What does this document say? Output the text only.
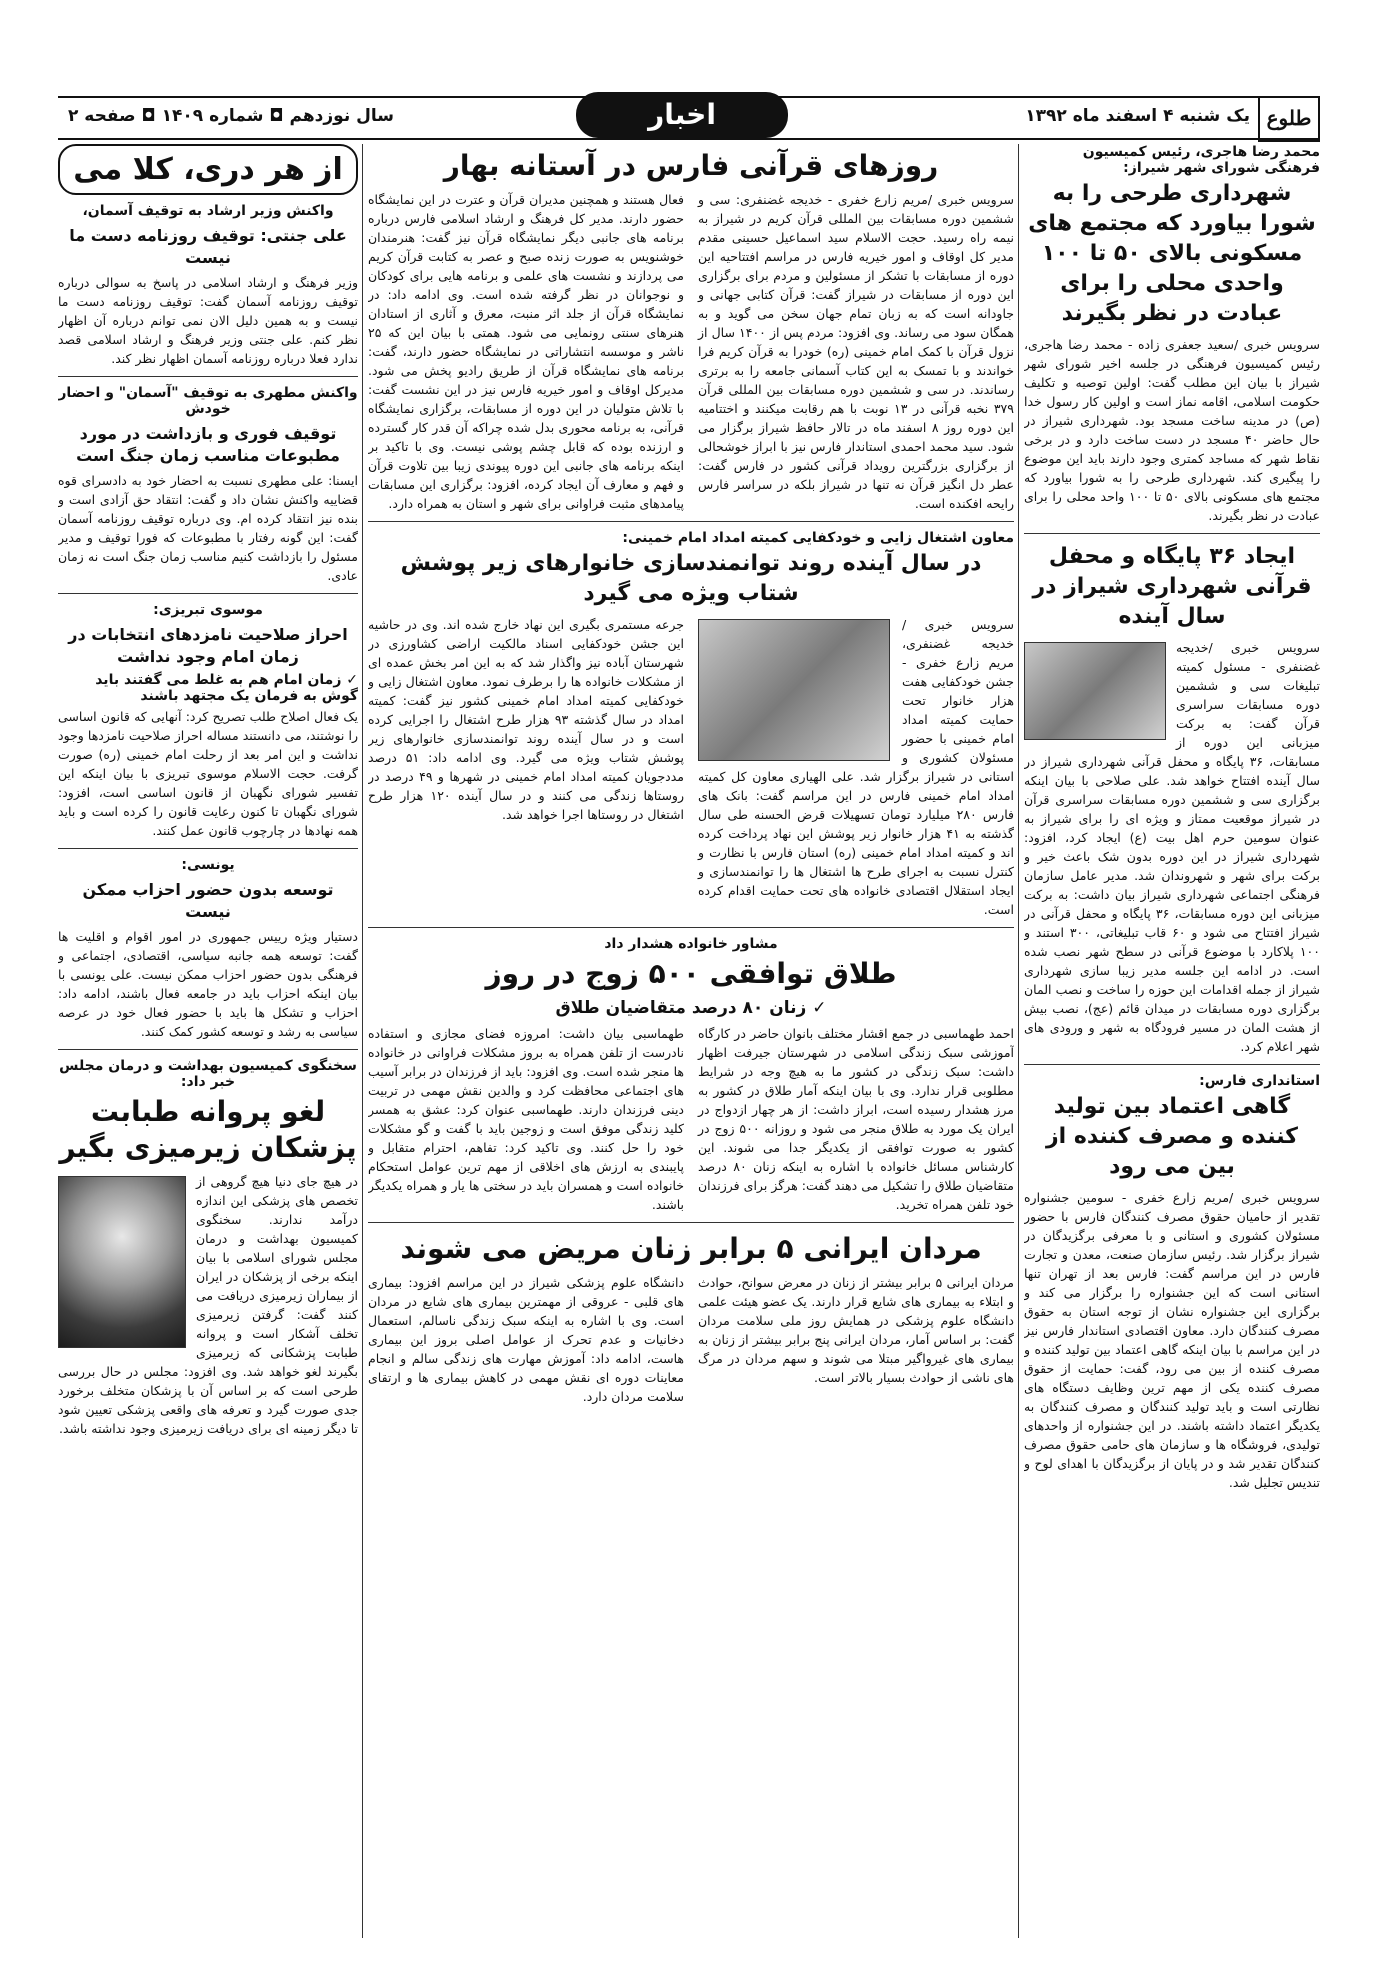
طلوع
یک شنبه ۴ اسفند ماه ۱۳۹۲
سال نوزدهم ◘ شماره ۱۴۰۹ ◘ صفحه ۲	اخبار
محمد رضا هاجری، رئیس کمیسیون فرهنگی شورای شهر شیراز:
شهرداری طرحی را به شورا بیاورد که مجتمع های مسکونی بالای ۵۰ تا ۱۰۰ واحدی محلی را برای عبادت در نظر بگیرند
سرویس خبری /سعید جعفری زاده - محمد رضا هاجری، رئیس کمیسیون فرهنگی در جلسه اخیر شورای شهر شیراز با بیان این مطلب گفت: اولین توصیه و تکلیف حکومت اسلامی، اقامه نماز است و اولین کار رسول خدا (ص) در مدینه ساخت مسجد بود. شهرداری شیراز در حال حاضر ۴۰ مسجد در دست ساخت دارد و در برخی نقاط شهر که مساجد کمتری وجود دارند باید این موضوع را پیگیری کند. شهرداری طرحی را به شورا بیاورد که مجتمع های مسکونی بالای ۵۰ تا ۱۰۰ واحد محلی را برای عبادت در نظر بگیرند.
ایجاد ۳۶ پایگاه و محفل قرآنی شهرداری شیراز در سال آینده
سرویس خبری /خدیجه غضنفری - مسئول کمیته تبلیغات سی و ششمین دوره مسابقات سراسری قرآن گفت: به برکت میزبانی این دوره از مسابقات، ۳۶ پایگاه و محفل قرآنی شهرداری شیراز در سال آینده افتتاح خواهد شد. علی صلاحی با بیان اینکه برگزاری سی و ششمین دوره مسابقات سراسری قرآن در شیراز موقعیت ممتاز و ویژه ای را برای شیراز به عنوان سومین حرم اهل بیت (ع) ایجاد کرد، افزود: شهرداری شیراز در این دوره بدون شک باعث خیر و برکت برای شهر و شهروندان شد. مدیر عامل سازمان فرهنگی اجتماعی شهرداری شیراز بیان داشت: به برکت میزبانی این دوره مسابقات، ۳۶ پایگاه و محفل قرآنی در شیراز افتتاح می شود و ۶۰ قاب تبلیغاتی، ۳۰۰ استند و ۱۰۰ پلاکارد با موضوع قرآنی در سطح شهر نصب شده است. در ادامه این جلسه مدیر زیبا سازی شهرداری شیراز از جمله اقدامات این حوزه را ساخت و نصب المان برگزاری دوره مسابقات در میدان قائم (عج)، نصب بیش از هشت المان در مسیر فرودگاه به شهر و ورودی های شهر اعلام کرد.
استانداری فارس:
گاهی اعتماد بین تولید کننده و مصرف کننده از بین می رود
سرویس خبری /مریم زارع خفری - سومین جشنواره تقدیر از حامیان حقوق مصرف کنندگان فارس با حضور مسئولان کشوری و استانی و با معرفی برگزیدگان در شیراز برگزار شد. رئیس سازمان صنعت، معدن و تجارت فارس در این مراسم گفت: فارس بعد از تهران تنها استانی است که این جشنواره را برگزار می کند و برگزاری این جشنواره نشان از توجه استان به حقوق مصرف کنندگان دارد. معاون اقتصادی استاندار فارس نیز در این مراسم با بیان اینکه گاهی اعتماد بین تولید کننده و مصرف کننده از بین می رود، گفت: حمایت از حقوق مصرف کننده یکی از مهم ترین وظایف دستگاه های نظارتی است و باید تولید کنندگان و مصرف کنندگان به یکدیگر اعتماد داشته باشند. در این جشنواره از واحدهای تولیدی، فروشگاه ها و سازمان های حامی حقوق مصرف کنندگان تقدیر شد و در پایان از برگزیدگان با اهدای لوح و تندیس تجلیل شد.
روزهای قرآنی فارس در آستانه بهار
سرویس خبری /مریم زارع خفری - خدیجه غضنفری: سی و ششمین دوره مسابقات بین المللی قرآن کریم در شیراز به نیمه راه رسید. حجت الاسلام سید اسماعیل حسینی مقدم مدیر کل اوقاف و امور خیریه فارس در مراسم افتتاحیه این دوره از مسابقات با تشکر از مسئولین و مردم برای برگزاری این دوره از مسابقات در شیراز گفت: قرآن کتابی جهانی و جاودانه است که به زبان تمام جهان سخن می گوید و به همگان سود می رساند. وی افزود: مردم پس از ۱۴۰۰ سال از نزول قرآن با کمک امام خمینی (ره) خودرا به قرآن کریم فرا خواندند و با تمسک به این کتاب آسمانی جامعه را به برتری رساندند. در سی و ششمین دوره مسابقات بین المللی قرآن ۳۷۹ نخبه قرآنی در ۱۳ نوبت با هم رقابت میکنند و اختتامیه این دوره روز ۸ اسفند ماه در تالار حافظ شیراز برگزار می شود. سید محمد احمدی استاندار فارس نیز با ابراز خوشحالی از برگزاری بزرگترین رویداد قرآنی کشور در فارس گفت: عطر دل انگیز قرآن نه تنها در شیراز بلکه در سراسر فارس رایحه افکنده است.
فعال هستند و همچنین مدیران قرآن و عترت در این نمایشگاه حضور دارند. مدیر کل فرهنگ و ارشاد اسلامی فارس درباره برنامه های جانبی دیگر نمایشگاه قرآن نیز گفت: هنرمندان خوشنویس به صورت زنده صبح و عصر به کتابت قرآن کریم می پردازند و نشست های علمی و برنامه هایی برای کودکان و نوجوانان در نظر گرفته شده است. وی ادامه داد: در نمایشگاه قرآن از جلد اثر منبت، معرق و آثاری از استادان هنرهای سنتی رونمایی می شود. همتی با بیان این که ۲۵ ناشر و موسسه انتشاراتی در نمایشگاه حضور دارند، گفت: برنامه های نمایشگاه قرآن از طریق رادیو پخش می شود. مدیرکل اوقاف و امور خیریه فارس نیز در این نشست گفت: با تلاش متولیان در این دوره از مسابقات، برگزاری نمایشگاه قرآنی، به برنامه محوری بدل شده چراکه آن قدر کار گسترده و ارزنده بوده که قابل چشم پوشی نیست. وی با تاکید بر اینکه برنامه های جانبی این دوره پیوندی زیبا بین تلاوت قرآن و فهم و معارف آن ایجاد کرده، افزود: برگزاری این مسابقات پیامدهای مثبت فراوانی برای شهر و استان به همراه دارد.
معاون اشتغال زایی و خودکفایی کمیته امداد امام خمینی:
در سال آینده روند توانمندسازی خانوارهای زیر پوشش شتاب ویژه می گیرد
سرویس خبری /خدیجه غضنفری، مریم زارع خفری - جشن خودکفایی هفت هزار خانوار تحت حمایت کمیته امداد امام خمینی با حضور مسئولان کشوری و استانی در شیراز برگزار شد. علی الهیاری معاون کل کمیته امداد امام خمینی فارس در این مراسم گفت: بانک های فارس ۲۸۰ میلیارد تومان تسهیلات قرض الحسنه طی سال گذشته به ۴۱ هزار خانوار زیر پوشش این نهاد پرداخت کرده اند و کمیته امداد امام خمینی (ره) استان فارس با نظارت و کنترل نسبت به اجرای طرح ها اشتغال ها را توانمندسازی و ایجاد استقلال اقتصادی خانواده های تحت حمایت اقدام کرده است.
جرعه مستمری بگیری این نهاد خارج شده اند. وی در حاشیه این جشن خودکفایی اسناد مالکیت اراضی کشاورزی در شهرستان آباده نیز واگذار شد که به این امر بخش عمده ای از مشکلات خانواده ها را برطرف نمود. معاون اشتغال زایی و خودکفایی کمیته امداد امام خمینی کشور نیز گفت: کمیته امداد در سال گذشته ۹۳ هزار طرح اشتغال را اجرایی کرده است و در سال آینده روند توانمندسازی خانوارهای زیر پوشش شتاب ویژه می گیرد. وی ادامه داد: ۵۱ درصد مددجویان کمیته امداد امام خمینی در شهرها و ۴۹ درصد در روستاها زندگی می کنند و در سال آینده ۱۲۰ هزار طرح اشتغال در روستاها اجرا خواهد شد.
مشاور خانواده هشدار داد
طلاق توافقی ۵۰۰ زوج در روز
✓ زنان ۸۰ درصد متقاضیان طلاق
احمد طهماسبی در جمع اقشار مختلف بانوان حاضر در کارگاه آموزشی سبک زندگی اسلامی در شهرستان جیرفت اظهار داشت: سبک زندگی در کشور ما به هیچ وجه در شرایط مطلوبی قرار ندارد. وی با بیان اینکه آمار طلاق در کشور به مرز هشدار رسیده است، ابراز داشت: از هر چهار ازدواج در ایران یک مورد به طلاق منجر می شود و روزانه ۵۰۰ زوج در کشور به صورت توافقی از یکدیگر جدا می شوند. این کارشناس مسائل خانواده با اشاره به اینکه زنان ۸۰ درصد متقاضیان طلاق را تشکیل می دهند گفت: هرگز برای فرزندان خود تلفن همراه تخرید.
طهماسبی بیان داشت: امروزه فضای مجازی و استفاده نادرست از تلفن همراه به بروز مشکلات فراوانی در خانواده ها منجر شده است. وی افزود: باید از فرزندان در برابر آسیب های اجتماعی محافظت کرد و والدین نقش مهمی در تربیت دینی فرزندان دارند. طهماسبی عنوان کرد: عشق به همسر کلید زندگی موفق است و زوجین باید با گفت و گو مشکلات خود را حل کنند. وی تاکید کرد: تفاهم، احترام متقابل و پایبندی به ارزش های اخلاقی از مهم ترین عوامل استحکام خانواده است و همسران باید در سختی ها یار و همراه یکدیگر باشند.
مردان ایرانی ۵ برابر زنان مریض می شوند
مردان ایرانی ۵ برابر بیشتر از زنان در معرض سوانح، حوادث و ابتلاء به بیماری های شایع قرار دارند. یک عضو هیئت علمی دانشگاه علوم پزشکی در همایش روز ملی سلامت مردان گفت: بر اساس آمار، مردان ایرانی پنج برابر بیشتر از زنان به بیماری های غیرواگیر مبتلا می شوند و سهم مردان در مرگ های ناشی از حوادث بسیار بالاتر است.
دانشگاه علوم پزشکی شیراز در این مراسم افزود: بیماری های قلبی - عروقی از مهمترین بیماری های شایع در مردان است. وی با اشاره به اینکه سبک زندگی ناسالم، استعمال دخانیات و عدم تحرک از عوامل اصلی بروز این بیماری هاست، ادامه داد: آموزش مهارت های زندگی سالم و انجام معاینات دوره ای نقش مهمی در کاهش بیماری ها و ارتقای سلامت مردان دارد.
از هر دری، کلا می
واکنش وزیر ارشاد به توقیف آسمان،
علی جنتی: توقیف روزنامه دست ما نیست
وزیر فرهنگ و ارشاد اسلامی در پاسخ به سوالی درباره توقیف روزنامه آسمان گفت: توقیف روزنامه دست ما نیست و به همین دلیل الان نمی توانم درباره آن اظهار نظر کنم. علی جنتی وزیر فرهنگ و ارشاد اسلامی قصد ندارد فعلا درباره روزنامه آسمان اظهار نظر کند.
واکنش مطهری به توقیف "آسمان" و احضار خودش
توقیف فوری و بازداشت در مورد مطبوعات مناسب زمان جنگ است
ایسنا: علی مطهری نسبت به احضار خود به دادسرای قوه قضاییه واکنش نشان داد و گفت: انتقاد حق آزادی است و بنده نیز انتقاد کرده ام. وی درباره توقیف روزنامه آسمان گفت: این گونه رفتار با مطبوعات که فورا توقیف و مدیر مسئول را بازداشت کنیم مناسب زمان جنگ است نه زمان عادی.
موسوی تبریزی:
احراز صلاحیت نامزدهای انتخابات در زمان امام وجود نداشت
✓ زمان امام هم به غلط می گفتند باید گوش به فرمان یک مجتهد باشند
یک فعال اصلاح طلب تصریح کرد: آنهایی که قانون اساسی را نوشتند، می دانستند مساله احراز صلاحیت نامزدها وجود نداشت و این امر بعد از رحلت امام خمینی (ره) صورت گرفت. حجت الاسلام موسوی تبریزی با بیان اینکه این تفسیر شورای نگهبان از قانون اساسی است، افزود: شورای نگهبان تا کنون رعایت قانون را کرده است و باید همه نهادها در چارچوب قانون عمل کنند.
یونسی:
توسعه بدون حضور احزاب ممکن نیست
دستیار ویژه رییس جمهوری در امور اقوام و اقلیت ها گفت: توسعه همه جانبه سیاسی، اقتصادی، اجتماعی و فرهنگی بدون حضور احزاب ممکن نیست. علی یونسی با بیان اینکه احزاب باید در جامعه فعال باشند، ادامه داد: احزاب و تشکل ها باید با حضور فعال خود در عرصه سیاسی به رشد و توسعه کشور کمک کنند.
سخنگوی کمیسیون بهداشت و درمان مجلس خبر داد:
لغو پروانه طبابت پزشکان زیرمیزی بگیر
در هیچ جای دنیا هیچ گروهی از تخصص های پزشکی این اندازه درآمد ندارند. سخنگوی کمیسیون بهداشت و درمان مجلس شورای اسلامی با بیان اینکه برخی از پزشکان در ایران از بیماران زیرمیزی دریافت می کنند گفت: گرفتن زیرمیزی تخلف آشکار است و پروانه طبابت پزشکانی که زیرمیزی بگیرند لغو خواهد شد. وی افزود: مجلس در حال بررسی طرحی است که بر اساس آن با پزشکان متخلف برخورد جدی صورت گیرد و تعرفه های واقعی پزشکی تعیین شود تا دیگر زمینه ای برای دریافت زیرمیزی وجود نداشته باشد.
